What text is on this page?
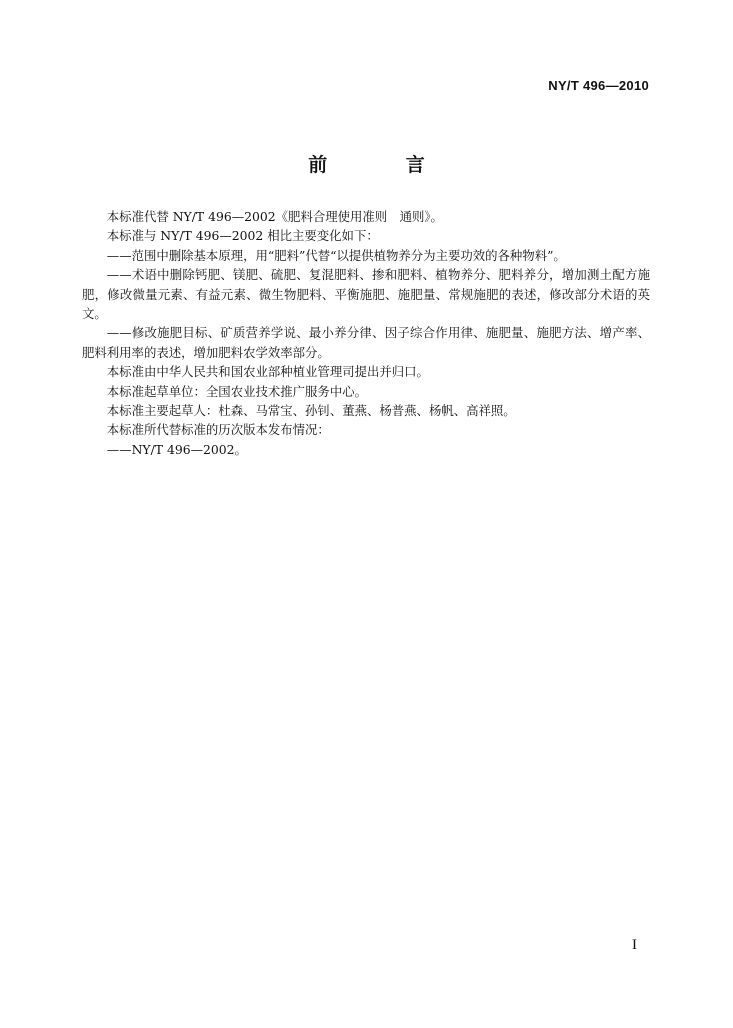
NY/T 496—2010
前 言

本标准代替 NY/T 496—2002《肥料合理使用准则　通则》。

本标准与 NY/T 496—2002 相比主要变化如下：

——范围中删除基本原理，用“肥料”代替“以提供植物养分为主要功效的各种物料”。

——术语中删除钙肥、镁肥、硫肥、复混肥料、掺和肥料、植物养分、肥料养分，增加测土配方施肥，修改微量元素、有益元素、微生物肥料、平衡施肥、施肥量、常规施肥的表述，修改部分术语的英文。

——修改施肥目标、矿质营养学说、最小养分律、因子综合作用律、施肥量、施肥方法、增产率、肥料利用率的表述，增加肥料农学效率部分。

本标准由中华人民共和国农业部种植业管理司提出并归口。

本标准起草单位：全国农业技术推广服务中心。

本标准主要起草人：杜森、马常宝、孙钊、董燕、杨普燕、杨帆、高祥照。

本标准所代替标准的历次版本发布情况：

——NY/T 496—2002。

I
